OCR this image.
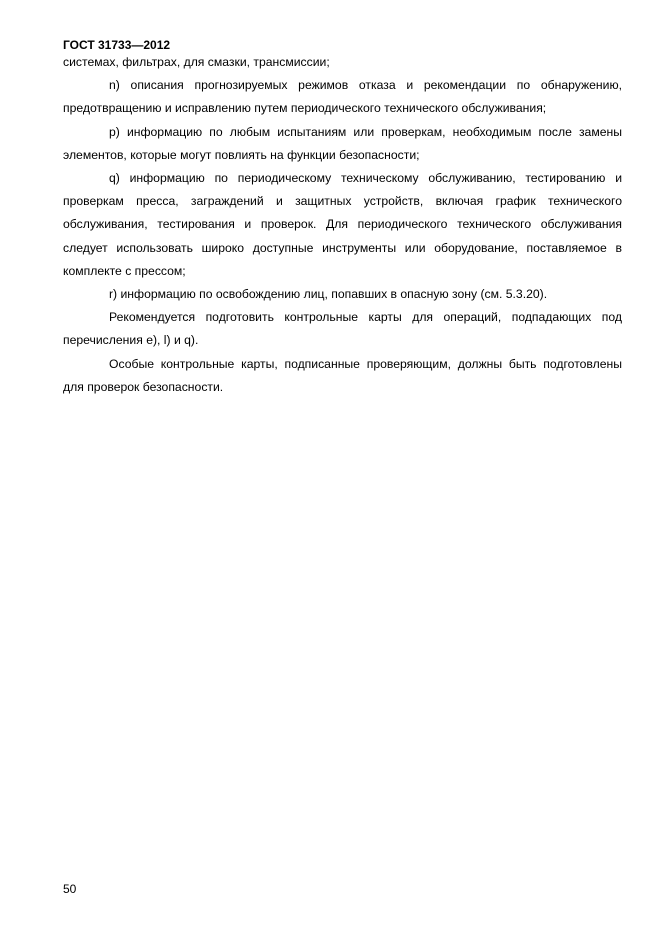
ГОСТ 31733—2012

системах, фильтрах, для смазки, трансмиссии;

n) описания прогнозируемых режимов отказа и рекомендации по обнаружению, предотвращению и исправлению путем периодического технического обслуживания;

p) информацию по любым испытаниям или проверкам, необходимым после замены элементов, которые могут повлиять на функции безопасности;

q) информацию по периодическому техническому обслуживанию, тестированию и проверкам пресса, заграждений и защитных устройств, включая график технического обслуживания, тестирования и проверок. Для периодического технического обслуживания следует использовать широко доступные инструменты или оборудование, поставляемое в комплекте с прессом;

r) информацию по освобождению лиц, попавших в опасную зону (см. 5.3.20).

Рекомендуется подготовить контрольные карты для операций, подпадающих под перечисления e), l) и q).

Особые контрольные карты, подписанные проверяющим, должны быть подготовлены для проверок безопасности.

50
